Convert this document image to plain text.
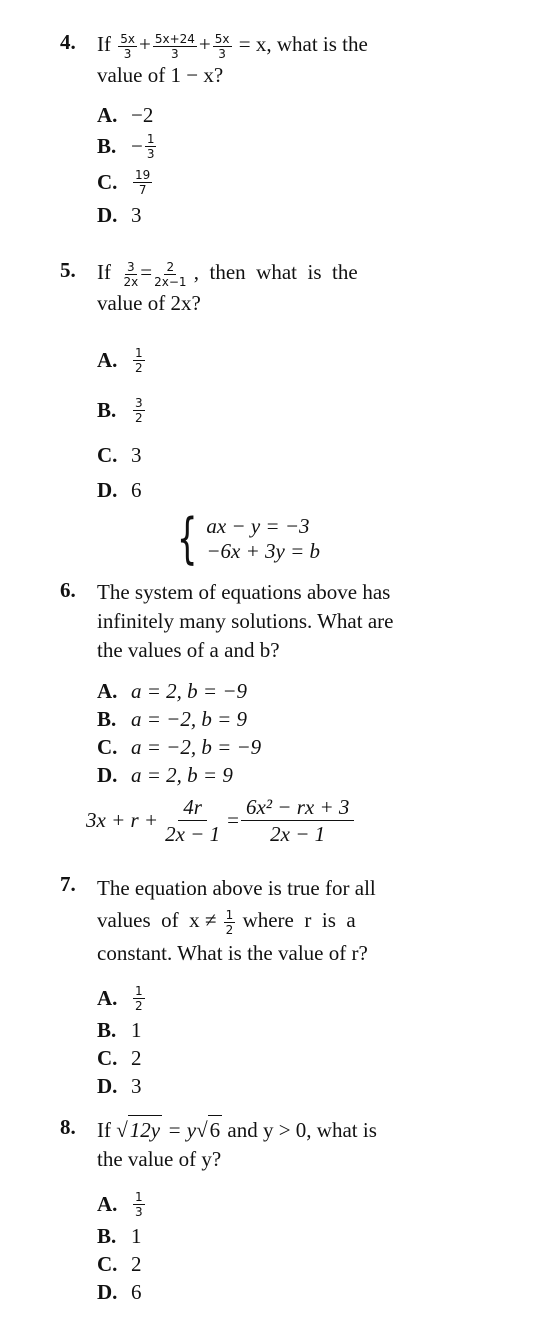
4. If $\frac{5x}{3} + \frac{5x+24}{3} + \frac{5x}{3} = x$, what is the
value of 1 − x?
A. −2
B. − $\frac{1}{3}$
C.	$\frac{19}{7}$
D. 3
5. If $\frac{3}{2x} = \frac{2}{2x-1}$ ,  then  what  is  the
value of 2x?
A.	$\frac{1}{2}$
B.	$\frac{3}{2}$
C. 3
D. 6
{ ax − y = −3
−6x + 3y = b
6. The system of equations above has
infinitely many solutions. What are
the values of a and b?
A. a = 2, b = −9
B. a = −2, b = 9
C. a = −2, b = −9
D. a = 2, b = 9
$3x + r + \frac{4r}{2x - 1} = \frac{\text{6x² − rx + 3}}{2x - 1}$
7. The equation above is true for all
values  of  $x \ne \frac{1}{2}$ where  r  is  a
constant. What is the value of r?
A.	$\frac{1}{2}$
B. 1
C. 2
D. 3
8. If √ 12y = y √ 6 and y > 0, what is
the value of y?
A.	$\frac{1}{3}$
B. 1
C. 2
D. 6
